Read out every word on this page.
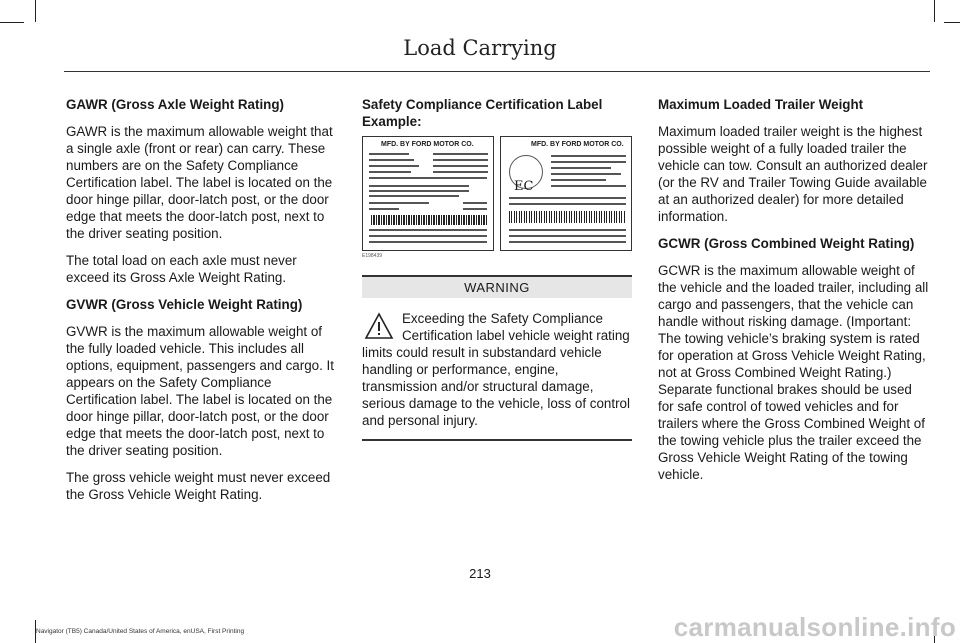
Load Carrying
GAWR (Gross Axle Weight Rating)

GAWR is the maximum allowable weight that a single axle (front or rear) can carry. These numbers are on the Safety Compliance Certification label. The label is located on the door hinge pillar, door-latch post, or the door edge that meets the door-latch post, next to the driver seating position.

The total load on each axle must never exceed its Gross Axle Weight Rating.

GVWR (Gross Vehicle Weight Rating)

GVWR is the maximum allowable weight of the fully loaded vehicle. This includes all options, equipment, passengers and cargo. It appears on the Safety Compliance Certification label. The label is located on the door hinge pillar, door-latch post, or the door edge that meets the door-latch post, next to the driver seating position.

The gross vehicle weight must never exceed the Gross Vehicle Weight Rating.

Safety Compliance Certification Label Example:
MFD. BY FORD MOTOR CO.	MFD. BY FORD MOTOR CO.
EC
E198439
WARNING
Exceeding the Safety Compliance Certification label vehicle weight rating limits could result in substandard vehicle handling or performance, engine, transmission and/or structural damage, serious damage to the vehicle, loss of control and personal injury.
Maximum Loaded Trailer Weight

Maximum loaded trailer weight is the highest possible weight of a fully loaded trailer the vehicle can tow. Consult an authorized dealer (or the RV and Trailer Towing Guide available at an authorized dealer) for more detailed information.

GCWR (Gross Combined Weight Rating)

GCWR is the maximum allowable weight of the vehicle and the loaded trailer, including all cargo and passengers, that the vehicle can handle without risking damage. (Important: The towing vehicle’s braking system is rated for operation at Gross Vehicle Weight Rating, not at Gross Combined Weight Rating.) Separate functional brakes should be used for safe control of towed vehicles and for trailers where the Gross Combined Weight of the towing vehicle plus the trailer exceed the Gross Vehicle Weight Rating of the towing vehicle.

213
Navigator (TB5) Canada/United States of America, enUSA, First Printing	carmanualsonline.info
